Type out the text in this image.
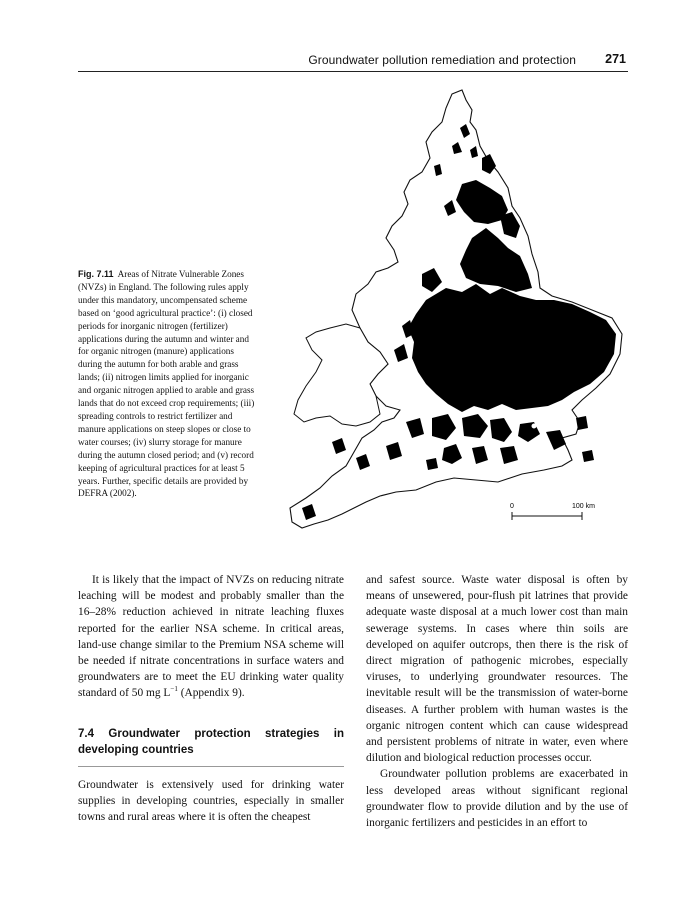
Groundwater pollution remediation and protection 271
Fig. 7.11 Areas of Nitrate Vulnerable Zones (NVZs) in England. The following rules apply under this mandatory, uncompensated scheme based on ‘good agricultural practice’: (i) closed periods for inorganic nitrogen (fertilizer) applications during the autumn and winter and for organic nitrogen (manure) applications during the autumn for both arable and grass lands; (ii) nitrogen limits applied for inorganic and organic nitrogen applied to arable and grass lands that do not exceed crop requirements; (iii) spreading controls to restrict fertilizer and manure applications on steep slopes or close to water courses; (iv) slurry storage for manure during the autumn closed period; and (v) record keeping of agricultural practices for at least 5 years. Further, specific details are provided by DEFRA (2002).
London
0	100 km

It is likely that the impact of NVZs on reducing nitrate leaching will be modest and probably smaller than the 16–28% reduction achieved in nitrate leaching fluxes reported for the earlier NSA scheme. In critical areas, land-use change similar to the Premium NSA scheme will be needed if nitrate concentrations in surface waters and groundwaters are to meet the EU drinking water quality standard of 50 mg $L^{-1}$ (Appendix 9).

7.4 Groundwater protection strategies in developing countries

Groundwater is extensively used for drinking water supplies in developing countries, especially in smaller towns and rural areas where it is often the cheapest

and safest source. Waste water disposal is often by means of unsewered, pour-flush pit latrines that provide adequate waste disposal at a much lower cost than main sewerage systems. In cases where thin soils are developed on aquifer outcrops, then there is the risk of direct migration of pathogenic microbes, especially viruses, to underlying groundwater resources. The inevitable result will be the transmission of water-borne diseases. A further problem with human wastes is the organic nitrogen content which can cause widespread and persistent problems of nitrate in water, even where dilution and biological reduction processes occur.

Groundwater pollution problems are exacerbated in less developed areas without significant regional groundwater flow to provide dilution and by the use of inorganic fertilizers and pesticides in an effort to
